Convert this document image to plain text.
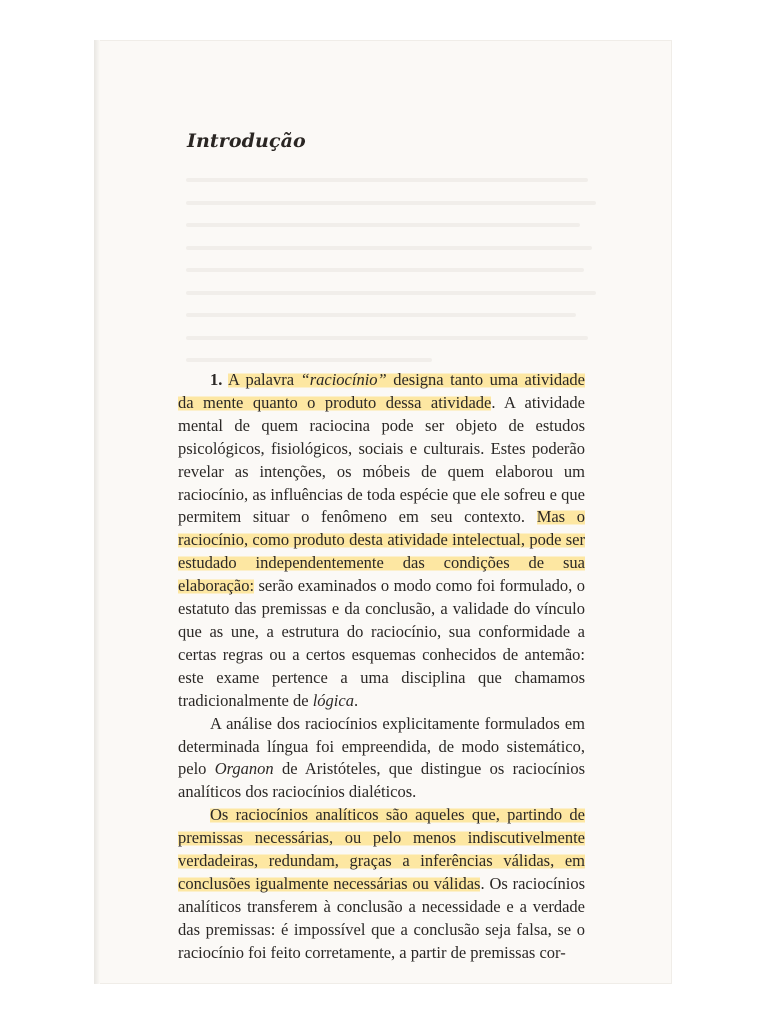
Introdução

1. A palavra “raciocínio” designa tanto uma atividade da mente quanto o produto dessa atividade. A atividade mental de quem raciocina pode ser objeto de estudos psicológicos, fisiológicos, sociais e culturais. Estes poderão revelar as intenções, os móbeis de quem elaborou um raciocínio, as influências de toda espécie que ele sofreu e que permitem situar o fenômeno em seu contexto. Mas o raciocínio, como produto desta atividade intelectual, pode ser estudado independentemente das condições de sua elaboração: serão examinados o modo como foi formulado, o estatuto das premissas e da conclusão, a validade do vínculo que as une, a estrutura do raciocínio, sua conformidade a certas regras ou a certos esquemas conhecidos de antemão: este exame pertence a uma disciplina que chamamos tradicionalmente de lógica.

A análise dos raciocínios explicitamente formulados em determinada língua foi empreendida, de modo sistemático, pelo Organon de Aristóteles, que distingue os raciocínios analíticos dos raciocínios dialéticos.

Os raciocínios analíticos são aqueles que, partindo de premissas necessárias, ou pelo menos indiscutivelmente verdadeiras, redundam, graças a inferências válidas, em conclusões igualmente necessárias ou válidas. Os raciocínios analíticos transferem à conclusão a necessidade e a verdade das premissas: é impossível que a conclusão seja falsa, se o raciocínio foi feito corretamente, a partir de premissas cor-
